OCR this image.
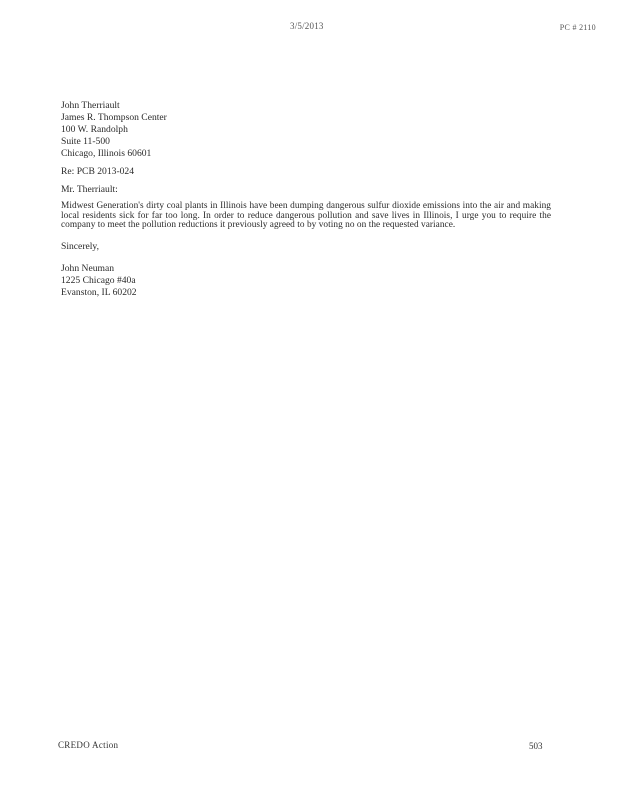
3/5/2013	PC # 2110
John Therriault
James R. Thompson Center
100 W. Randolph
Suite 11-500
Chicago, Illinois 60601
Re: PCB 2013-024
Mr. Therriault:

Midwest Generation's dirty coal plants in Illinois have been dumping dangerous sulfur dioxide emissions into the air and making local residents sick for far too long. In order to reduce dangerous pollution and save lives in Illinois, I urge you to require the company to meet the pollution reductions it previously agreed to by voting no on the requested variance.

Sincerely,
John Neuman
1225 Chicago #40a
Evanston, IL 60202
CREDO Action	503
